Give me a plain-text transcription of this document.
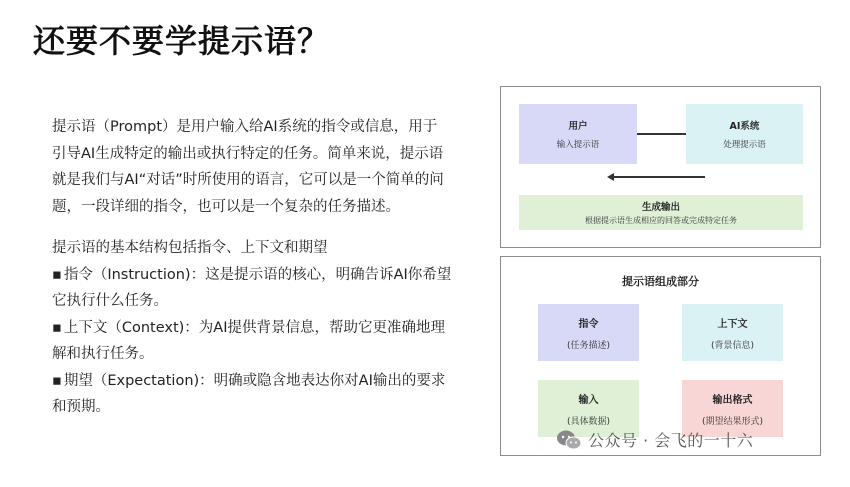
还要不要学提示语？

提示语（Prompt）是用户输入给AI系统的指令或信息，用于

引导AI生成特定的输出或执行特定的任务。简单来说，提示语

就是我们与AI“对话”时所使用的语言，它可以是一个简单的问

题，一段详细的指令，也可以是一个复杂的任务描述。

提示语的基本结构包括指令、上下文和期望

▪ 指令（Instruction)：这是提示语的核心，明确告诉AI你希望
它执行什么任务。
▪ 上下文（Context)：为AI提供背景信息，帮助它更准确地理
解和执行任务。
▪ 期望（Expectation)：明确或隐含地表达你对AI输出的要求
和预期。
用户
输入提示语
AI系统
处理提示语
生成输出
根据提示语生成相应的回答或完成特定任务
提示语组成部分
指令
(任务描述)
上下文
(背景信息)
输入
(具体数据)
输出格式
(期望结果形式)
公众号 · 会飞的一十六
